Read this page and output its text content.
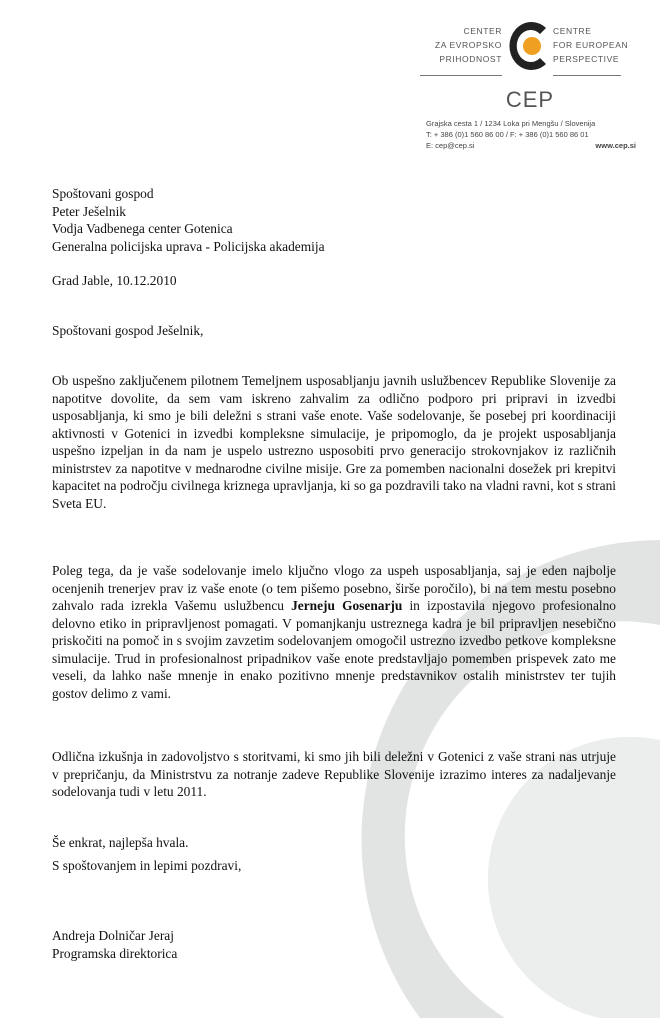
CENTER
ZA EVROPSKO
PRIHODNOST
CENTRE
FOR EUROPEAN
PERSPECTIVE
CEP
Grajska cesta 1 / 1234 Loka pri Mengšu / Slovenija
T: + 386 (0)1 560 86 00 / F: + 386 (0)1 560 86 01
E: cep@cep.si	www.cep.si
Spoštovani gospod
Peter Ješelnik
Vodja Vadbenega center Gotenica
Generalna policijska uprava - Policijska akademija
Grad Jable, 10.12.2010
Spoštovani gospod Ješelnik,

Ob uspešno zaključenem pilotnem Temeljnem usposabljanju javnih uslužbencev Republike Slovenije za napotitve dovolite, da sem vam iskreno zahvalim za odlično podporo pri pripravi in izvedbi usposabljanja, ki smo je bili deležni s strani vaše enote. Vaše sodelovanje, še posebej pri koordinaciji aktivnosti v Gotenici in izvedbi kompleksne simulacije, je pripomoglo, da je projekt usposabljanja uspešno izpeljan in da nam je uspelo ustrezno usposobiti prvo generacijo strokovnjakov iz različnih ministrstev za napotitve v mednarodne civilne misije. Gre za pomemben nacionalni dosežek pri krepitvi kapacitet na področju civilnega kriznega upravljanja, ki so ga pozdravili tako na vladni ravni, kot s strani Sveta EU.

Poleg tega, da je vaše sodelovanje imelo ključno vlogo za uspeh usposabljanja, saj je eden najbolje ocenjenih trenerjev prav iz vaše enote (o tem pišemo posebno, širše poročilo), bi na tem mestu posebno zahvalo rada izrekla Vašemu uslužbencu Jerneju Gosenarju in izpostavila njegovo profesionalno delovno etiko in pripravljenost pomagati. V pomanjkanju ustreznega kadra je bil pripravljen nesebično priskočiti na pomoč in s svojim zavzetim sodelovanjem omogočil ustrezno izvedbo petkove kompleksne simulacije. Trud in profesionalnost pripadnikov vaše enote predstavljajo pomemben prispevek zato me veseli, da lahko naše mnenje in enako pozitivno mnenje predstavnikov ostalih ministrstev ter tujih gostov delimo z vami.

Odlična izkušnja in zadovoljstvo s storitvami, ki smo jih bili deležni v Gotenici z vaše strani nas utrjuje v prepričanju, da Ministrstvu za notranje zadeve Republike Slovenije izrazimo interes za nadaljevanje sodelovanja tudi v letu 2011.

Še enkrat, najlepša hvala.
S spoštovanjem in lepimi pozdravi,
Andreja Dolničar Jeraj
Programska direktorica
